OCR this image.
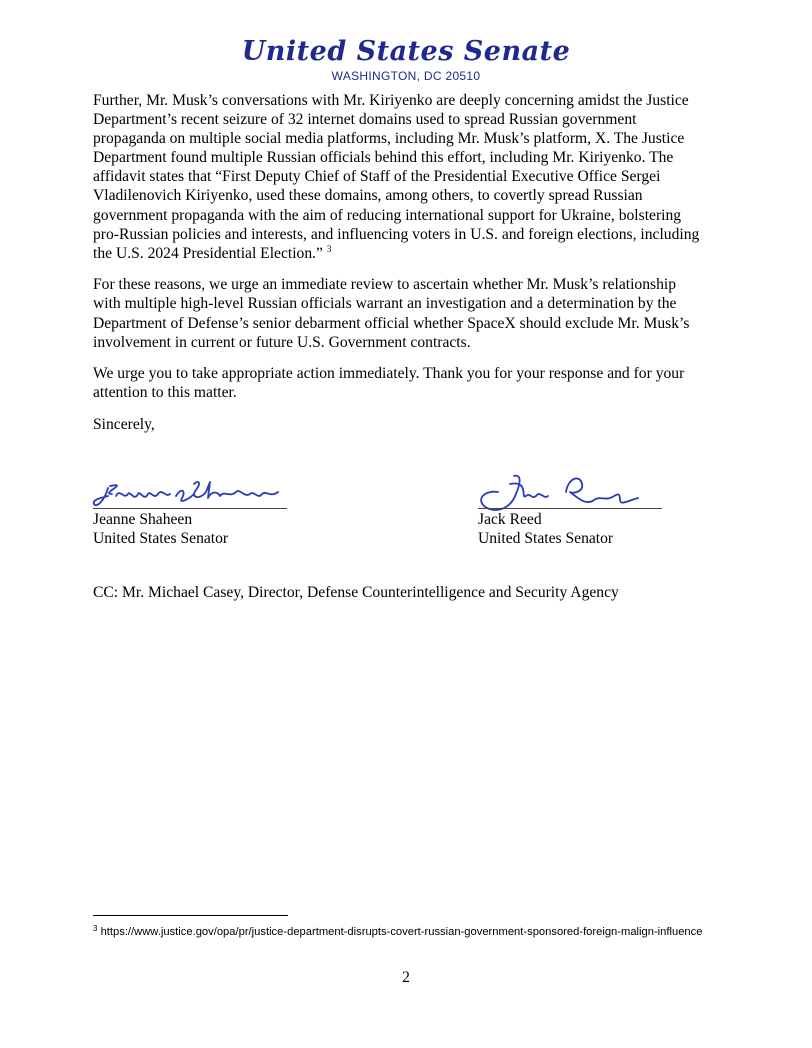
United States Senate
WASHINGTON, DC 20510

Further, Mr. Musk’s conversations with Mr. Kiriyenko are deeply concerning amidst the Justice
Department’s recent seizure of 32 internet domains used to spread Russian government
propaganda on multiple social media platforms, including Mr. Musk’s platform, X. The Justice
Department found multiple Russian officials behind this effort, including Mr. Kiriyenko. The
affidavit states that “First Deputy Chief of Staff of the Presidential Executive Office Sergei
Vladilenovich Kiriyenko, used these domains, among others, to covertly spread Russian
government propaganda with the aim of reducing international support for Ukraine, bolstering
pro-Russian policies and interests, and influencing voters in U.S. and foreign elections, including
the U.S. 2024 Presidential Election.” $^3$

For these reasons, we urge an immediate review to ascertain whether Mr. Musk’s relationship
with multiple high-level Russian officials warrant an investigation and a determination by the
Department of Defense’s senior debarment official whether SpaceX should exclude Mr. Musk’s
involvement in current or future U.S. Government contracts.

We urge you to take appropriate action immediately. Thank you for your response and for your
attention to this matter.

Sincerely,

Jeanne Shaheen
United States Senator
Jack Reed
United States Senator
CC: Mr. Michael Casey, Director, Defense Counterintelligence and Security Agency
$^3$ https://www.justice.gov/opa/pr/justice-department-disrupts-covert-russian-government-sponsored-foreign-malign-influence
2
